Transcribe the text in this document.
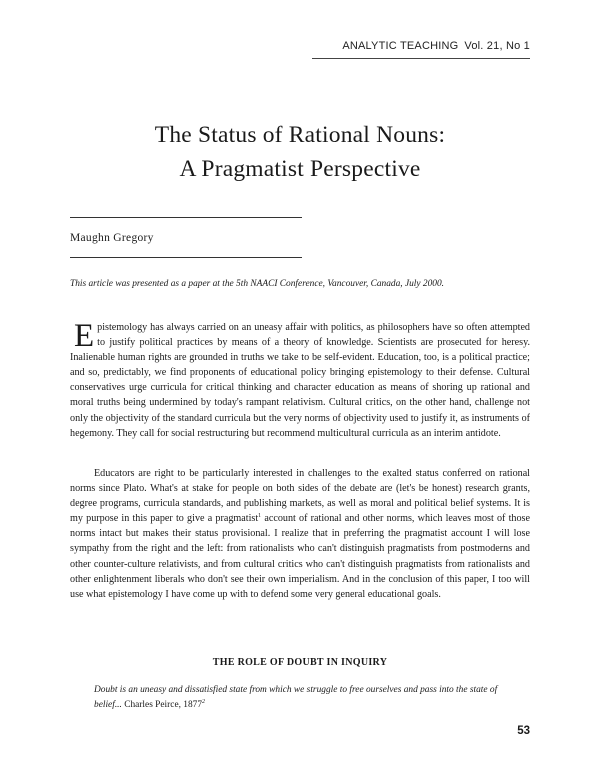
ANALYTIC TEACHING Vol. 21, No 1
The Status of Rational Nouns:
A Pragmatist Perspective
Maughn Gregory
This article was presented as a paper at the 5th NAACI Conference, Vancouver, Canada, July 2000.
Epistemology has always carried on an uneasy affair with politics, as philosophers have so often attempted to justify political practices by means of a theory of knowledge. Scientists are prosecuted for heresy. Inalienable human rights are grounded in truths we take to be self-evident. Education, too, is a political practice; and so, predictably, we find proponents of educational policy bringing epistemology to their defense. Cultural conservatives urge curricula for critical thinking and character education as means of shoring up rational and moral truths being undermined by today's rampant relativism. Cultural critics, on the other hand, challenge not only the objectivity of the standard curricula but the very norms of objectivity used to justify it, as instruments of hegemony. They call for social restructuring but recommend multicultural curricula as an interim antidote.
Educators are right to be particularly interested in challenges to the exalted status conferred on rational norms since Plato. What's at stake for people on both sides of the debate are (let's be honest) research grants, degree programs, curricula standards, and publishing markets, as well as moral and political belief systems. It is my purpose in this paper to give a pragmatist$^1$ account of rational and other norms, which leaves most of those norms intact but makes their status provisional. I realize that in preferring the pragmatist account I will lose sympathy from the right and the left: from rationalists who can't distinguish pragmatists from postmoderns and other counter-culture relativists, and from cultural critics who can't distinguish pragmatists from rationalists and other enlightenment liberals who don't see their own imperialism. And in the conclusion of this paper, I too will use what epistemology I have come up with to defend some very general educational goals.
THE ROLE OF DOUBT IN INQUIRY
Doubt is an uneasy and dissatisfied state from which we struggle to free ourselves and pass into the state of belief... Charles Peirce, 1877$^2$
53
